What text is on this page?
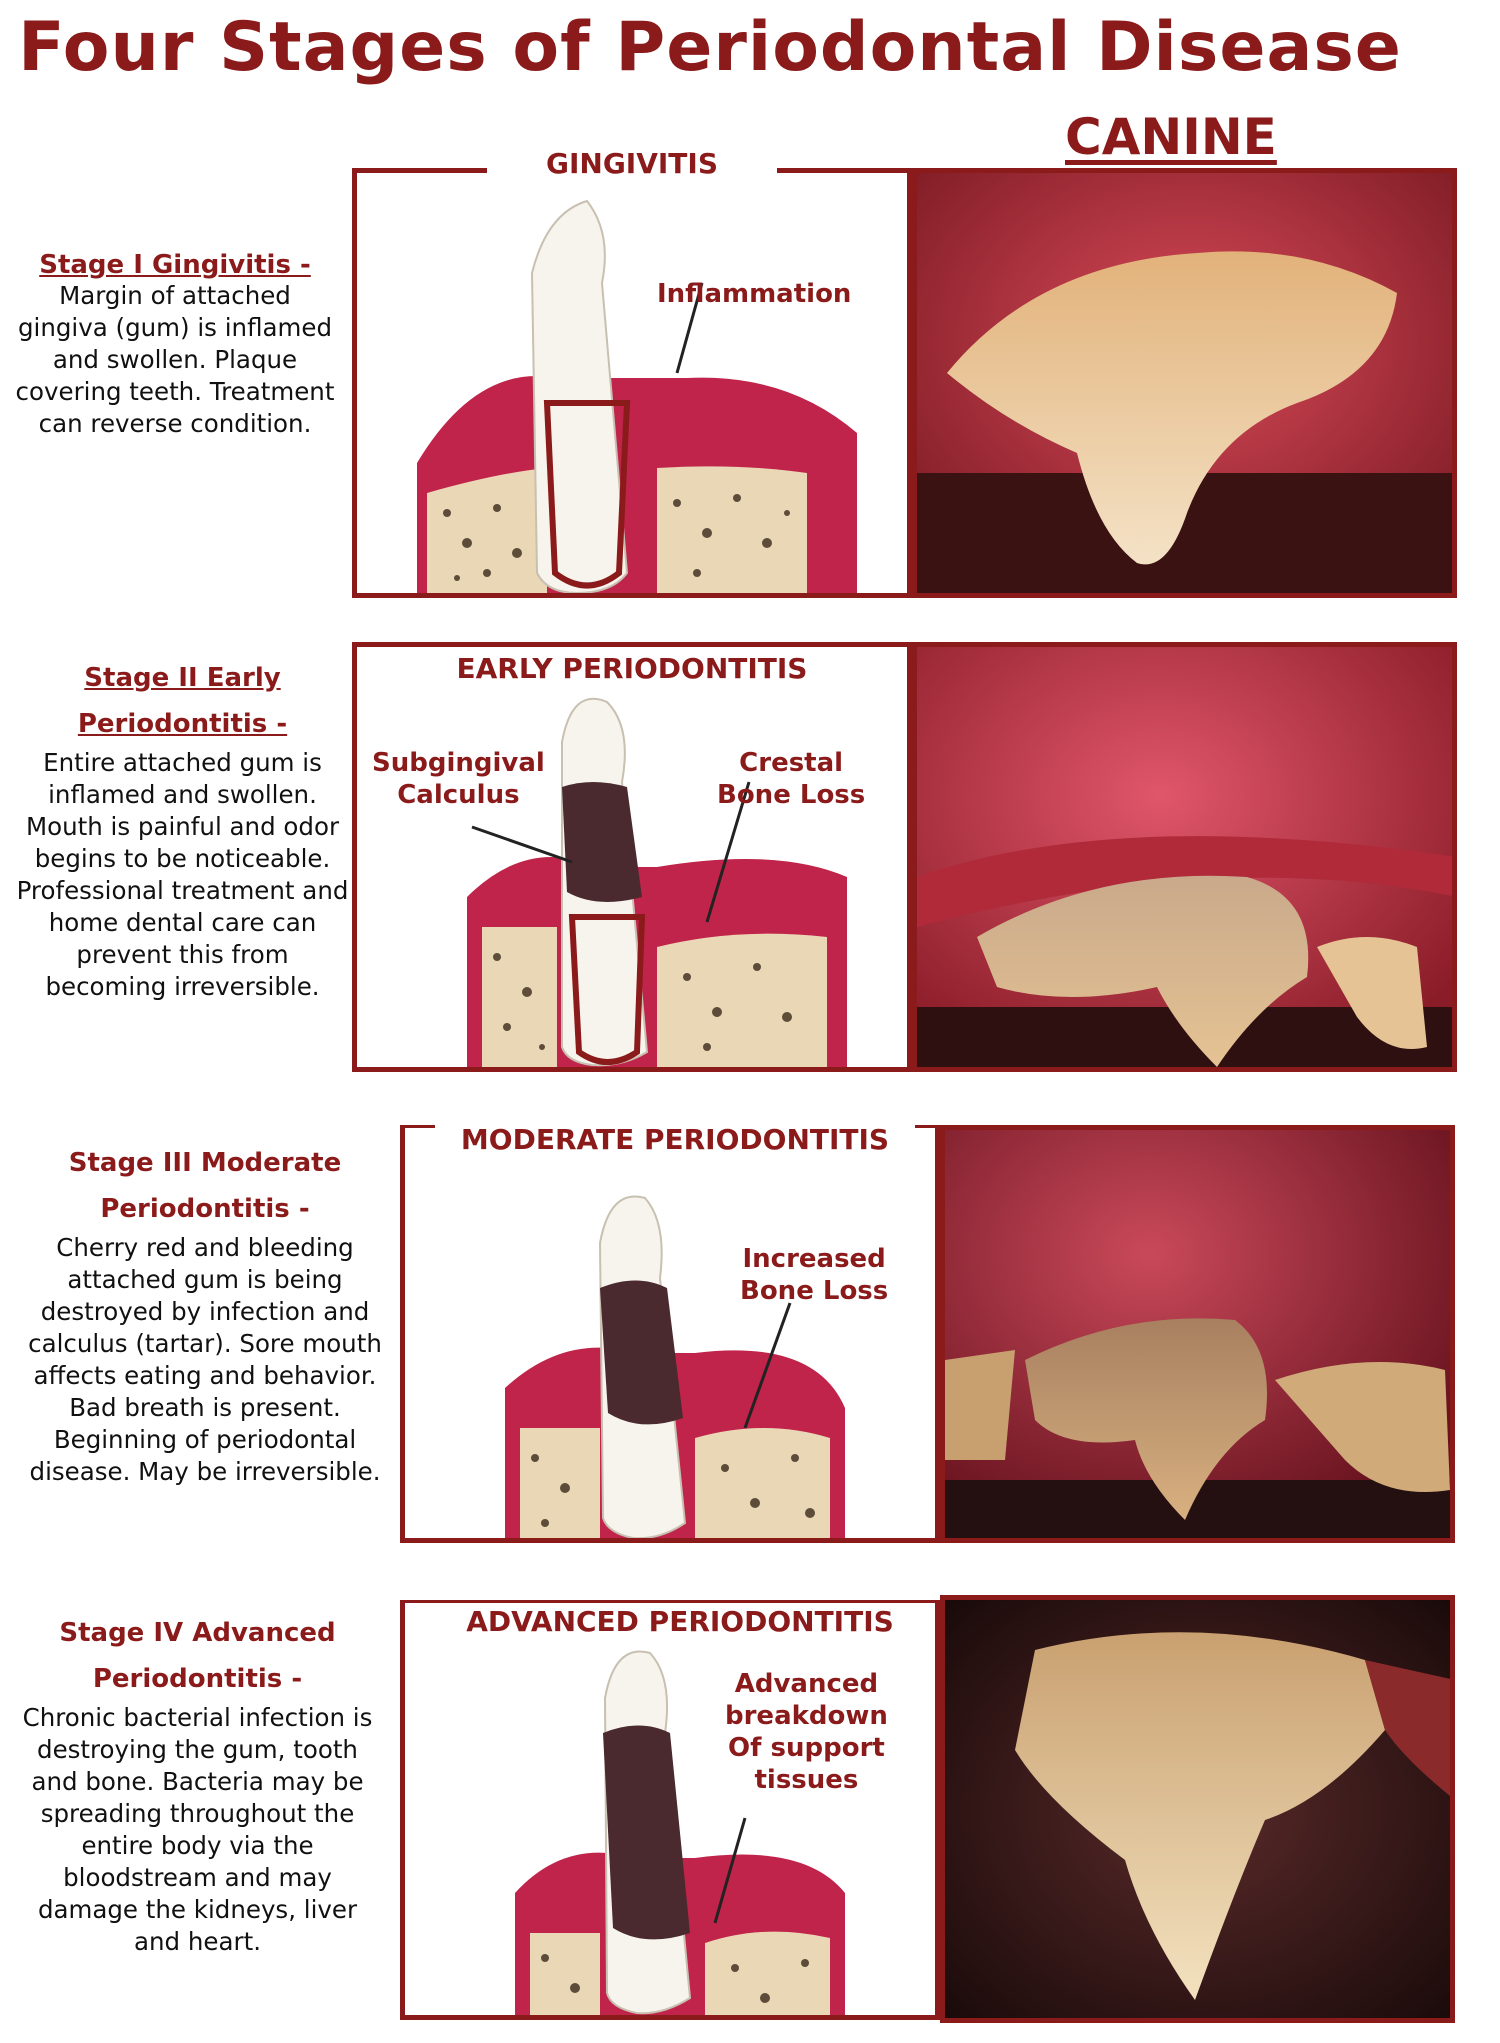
Four Stages of Periodontal Disease
CANINE
Stage I Gingivitis -
Margin of attached gingiva (gum) is inflamed and swollen. Plaque covering teeth. Treatment can reverse condition.
GINGIVITIS
Inflammation
Stage II Early
Periodontitis -
Entire attached gum is inflamed and swollen. Mouth is painful and odor begins to be noticeable. Professional treatment and home dental care can prevent this from becoming irreversible.
EARLY PERIODONTITIS
Subgingival
Calculus
Crestal
Bone Loss
Stage III Moderate
Periodontitis -
Cherry red and bleeding attached gum is being destroyed by infection and calculus (tartar). Sore mouth affects eating and behavior. Bad breath is present. Beginning of periodontal disease. May be irreversible.
MODERATE PERIODONTITIS
Increased
Bone Loss
Stage IV Advanced
Periodontitis -
Chronic bacterial infection is destroying the gum, tooth and bone. Bacteria may be spreading throughout the entire body via the bloodstream and may damage the kidneys, liver and heart.
ADVANCED PERIODONTITIS
Advanced
breakdown
Of support
tissues
